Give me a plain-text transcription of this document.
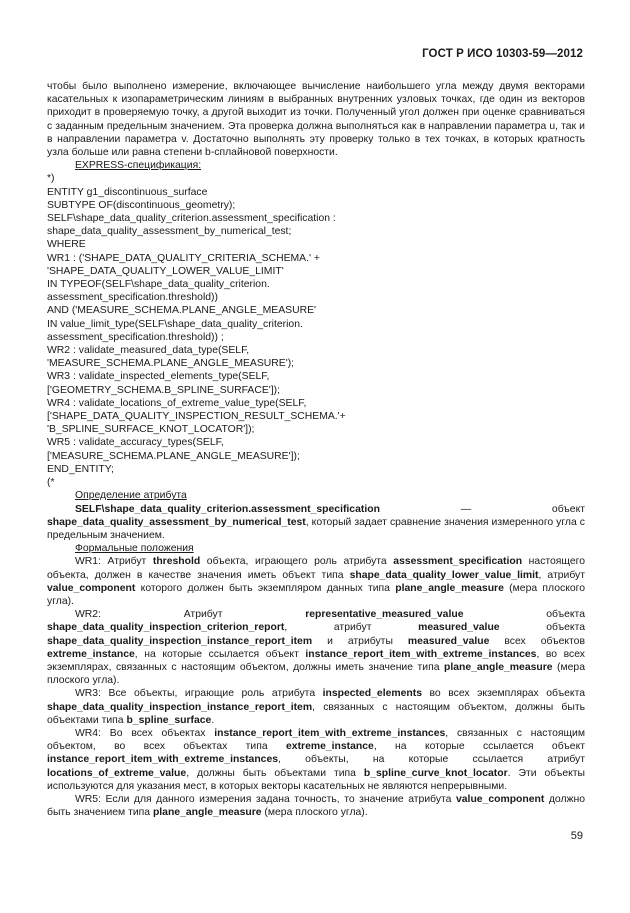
ГОСТ Р ИСО 10303-59—2012

чтобы было выполнено измерение, включающее вычисление наибольшего угла между двумя векторами касательных к изопараметрическим линиям в выбранных внутренних узловых точках, где один из векторов приходит в проверяемую точку, а другой выходит из точки. Полученный угол должен при оценке сравниваться с заданным предельным значением. Эта проверка должна выполняться как в направлении параметра u, так и в направлении параметра v. Достаточно выполнять эту проверку только в тех точках, в которых кратность узла больше или равна степени b-сплайновой поверхности.

EXPRESS-спецификация:

*)
ENTITY g1_discontinuous_surface
SUBTYPE OF(discontinuous_geometry);
SELF\shape_data_quality_criterion.assessment_specification :
shape_data_quality_assessment_by_numerical_test;
WHERE
WR1 : ('SHAPE_DATA_QUALITY_CRITERIA_SCHEMA.' +
'SHAPE_DATA_QUALITY_LOWER_VALUE_LIMIT'
IN TYPEOF(SELF\shape_data_quality_criterion.
assessment_specification.threshold))
AND ('MEASURE_SCHEMA.PLANE_ANGLE_MEASURE'
IN value_limit_type(SELF\shape_data_quality_criterion.
assessment_specification.threshold)) ;
WR2 : validate_measured_data_type(SELF,
'MEASURE_SCHEMA.PLANE_ANGLE_MEASURE');
WR3 : validate_inspected_elements_type(SELF,
['GEOMETRY_SCHEMA.B_SPLINE_SURFACE']);
WR4 : validate_locations_of_extreme_value_type(SELF,
['SHAPE_DATA_QUALITY_INSPECTION_RESULT_SCHEMA.'+
'B_SPLINE_SURFACE_KNOT_LOCATOR']);
WR5 : validate_accuracy_types(SELF,
['MEASURE_SCHEMA.PLANE_ANGLE_MEASURE']);
END_ENTITY;
(*

Определение атрибута

SELF\shape_data_quality_criterion.assessment_specification — объект shape_data_quality_assessment_by_numerical_test, который задает сравнение значения измеренного угла с предельным значением.

Формальные положения

WR1: Атрибут threshold объекта, играющего роль атрибута assessment_specification настоящего объекта, должен в качестве значения иметь объект типа shape_data_quality_lower_value_limit, атрибут value_component которого должен быть экземпляром данных типа plane_angle_measure (мера плоского угла).

WR2: Атрибут representative_measured_value объекта shape_data_quality_inspection_criterion_report, атрибут measured_value объекта shape_data_quality_inspection_instance_report_item и атрибуты measured_value всех объектов extreme_instance, на которые ссылается объект instance_report_item_with_extreme_instances, во всех экземплярах, связанных с настоящим объектом, должны иметь значение типа plane_angle_measure (мера плоского угла).

WR3: Все объекты, играющие роль атрибута inspected_elements во всех экземплярах объекта shape_data_quality_inspection_instance_report_item, связанных с настоящим объектом, должны быть объектами типа b_spline_surface.

WR4: Во всех объектах instance_report_item_with_extreme_instances, связанных с настоящим объектом, во всех объектах типа extreme_instance, на которые ссылается объект instance_report_item_with_extreme_instances, объекты, на которые ссылается атрибут locations_of_extreme_value, должны быть объектами типа b_spline_curve_knot_locator. Эти объекты используются для указания мест, в которых векторы касательных не являются непрерывными.

WR5: Если для данного измерения задана точность, то значение атрибута value_component должно быть значением типа plane_angle_measure (мера плоского угла).

59
